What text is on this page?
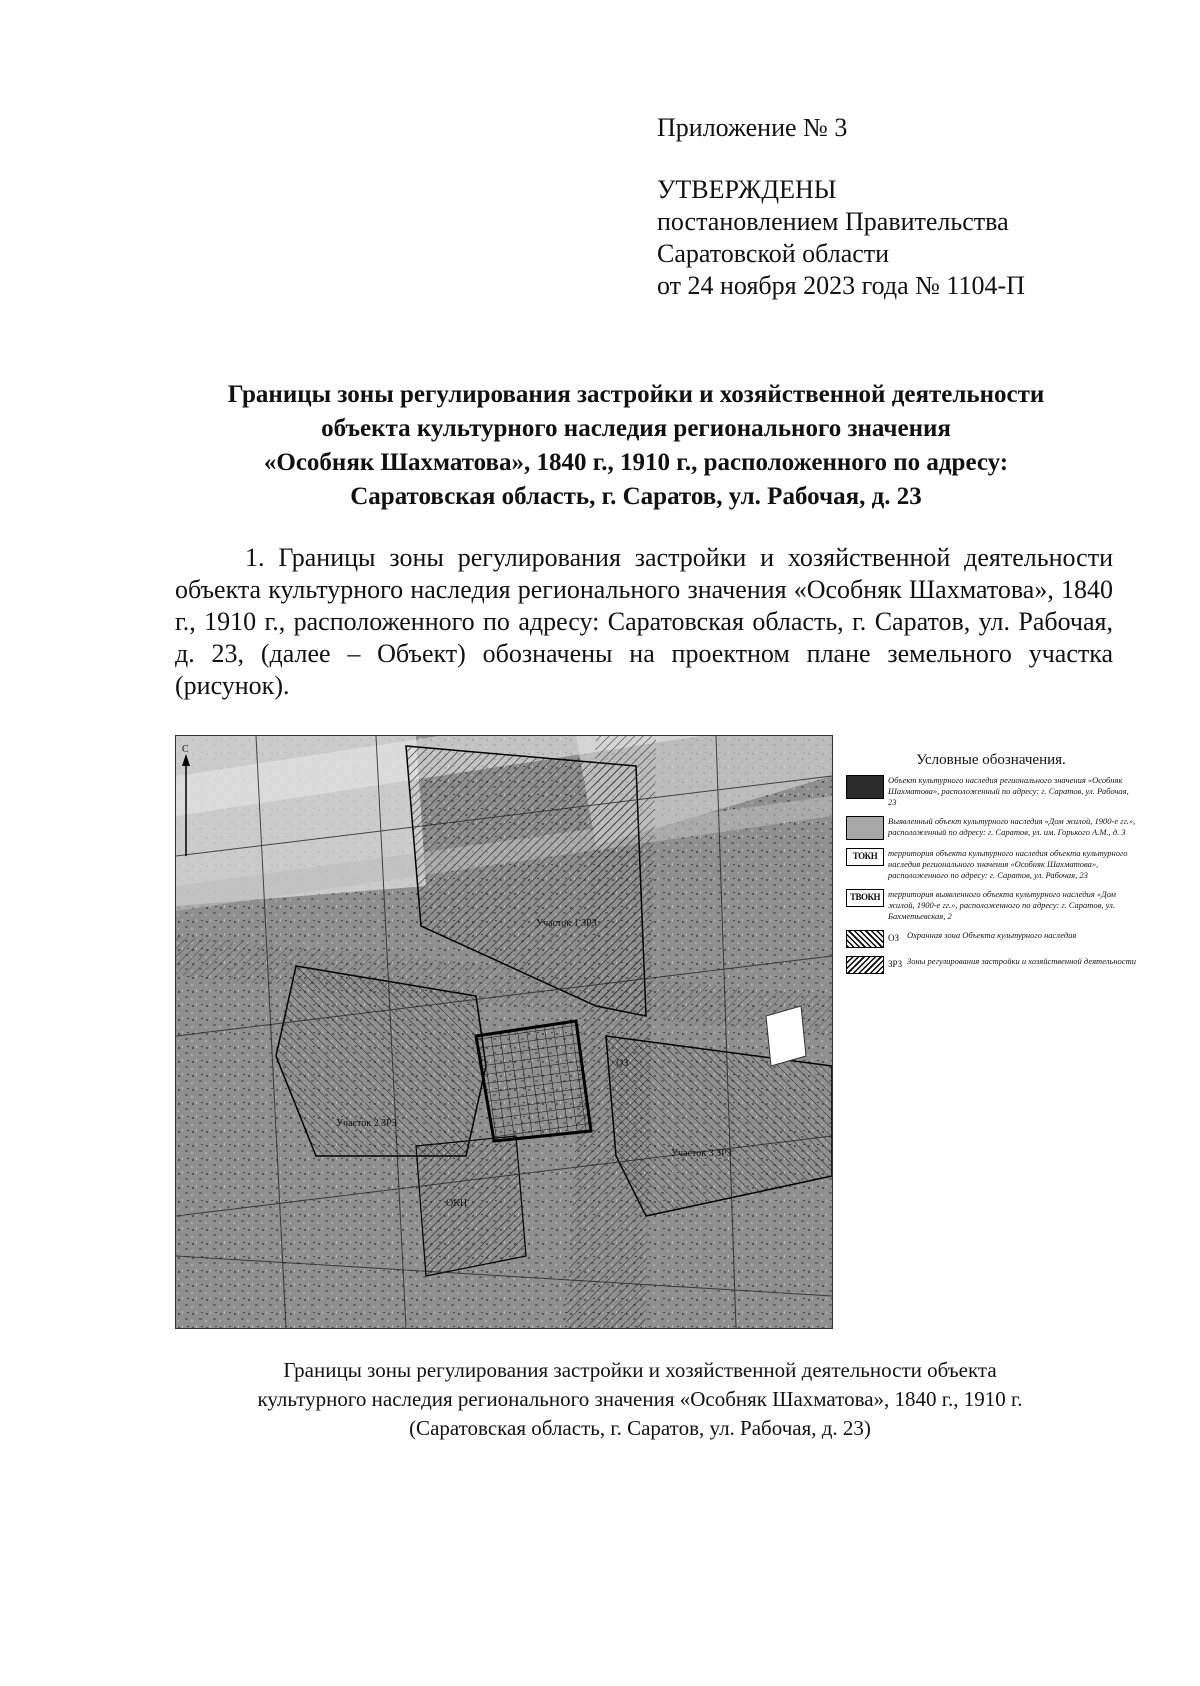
Приложение № 3
УТВЕРЖДЕНЫ
постановлением Правительства
Саратовской области
от 24 ноября 2023 года № 1104-П
Границы зоны регулирования застройки и хозяйственной деятельности
объекта культурного наследия регионального значения
«Особняк Шахматова», 1840 г., 1910 г., расположенного по адресу:
Саратовская область, г. Саратов, ул. Рабочая, д. 23
1. Границы зоны регулирования застройки и хозяйственной деятельности объекта культурного наследия регионального значения «Особняк Шахматова», 1840 г., 1910 г., расположенного по адресу: Саратовская область, г. Саратов, ул. Рабочая, д. 23, (далее – Объект) обозначены на проектном плане земельного участка (рисунок).
С
Участок 1 ЗРЗ
Участок 2 ЗРЗ
Участок 3 ЗРЗ
ОКН
ОЗ
Условные обозначения.
Объект культурного наследия регионального значения «Особняк Шахматова», расположенный по адресу: г. Саратов, ул. Рабочая, 23
Выявленный объект культурного наследия «Дом жилой, 1900-е гг.», расположенный по адресу: г. Саратов, ул. им. Горького А.М., д. 3
ТОКН	территория объекта культурного наследия объекта культурного наследия регионального значения «Особняк Шахматова», расположенного по адресу: г. Саратов, ул. Рабочая, 23
ТВОКН территория выявленного объекта культурного наследия «Дом жилой, 1900-е гг.», расположенного по адресу: г. Саратов, ул. Бахметьевская, 2
ОЗ Охранная зона Объекта культурного наследия
ЗРЗ Зоны регулирования застройки и хозяйственной деятельности
Границы зоны регулирования застройки и хозяйственной деятельности объекта
культурного наследия регионального значения «Особняк Шахматова», 1840 г., 1910 г.
(Саратовская область, г. Саратов, ул. Рабочая, д. 23)
